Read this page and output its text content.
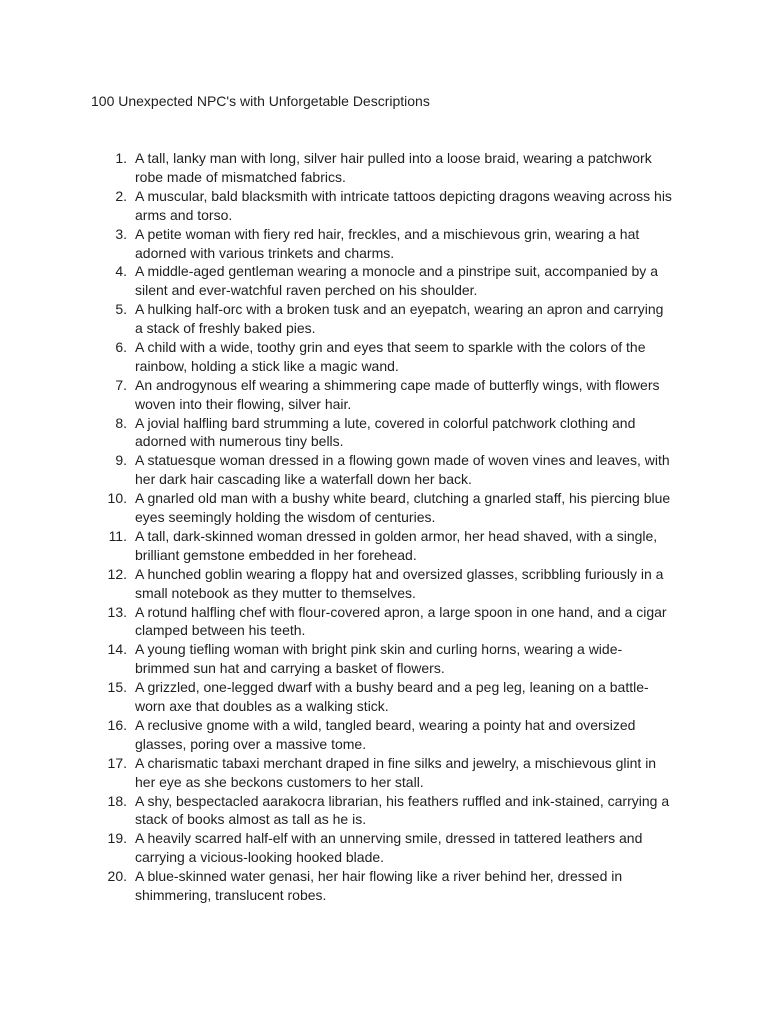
100 Unexpected NPC's with Unforgetable Descriptions
1. A tall, lanky man with long, silver hair pulled into a loose braid, wearing a patchwork robe made of mismatched fabrics.
2. A muscular, bald blacksmith with intricate tattoos depicting dragons weaving across his arms and torso.
3. A petite woman with fiery red hair, freckles, and a mischievous grin, wearing a hat adorned with various trinkets and charms.
4. A middle-aged gentleman wearing a monocle and a pinstripe suit, accompanied by a silent and ever-watchful raven perched on his shoulder.
5. A hulking half-orc with a broken tusk and an eyepatch, wearing an apron and carrying a stack of freshly baked pies.
6. A child with a wide, toothy grin and eyes that seem to sparkle with the colors of the rainbow, holding a stick like a magic wand.
7. An androgynous elf wearing a shimmering cape made of butterfly wings, with flowers woven into their flowing, silver hair.
8. A jovial halfling bard strumming a lute, covered in colorful patchwork clothing and adorned with numerous tiny bells.
9. A statuesque woman dressed in a flowing gown made of woven vines and leaves, with her dark hair cascading like a waterfall down her back.
10. A gnarled old man with a bushy white beard, clutching a gnarled staff, his piercing blue eyes seemingly holding the wisdom of centuries.
11. A tall, dark-skinned woman dressed in golden armor, her head shaved, with a single, brilliant gemstone embedded in her forehead.
12. A hunched goblin wearing a floppy hat and oversized glasses, scribbling furiously in a small notebook as they mutter to themselves.
13. A rotund halfling chef with flour-covered apron, a large spoon in one hand, and a cigar clamped between his teeth.
14. A young tiefling woman with bright pink skin and curling horns, wearing a wide-brimmed sun hat and carrying a basket of flowers.
15. A grizzled, one-legged dwarf with a bushy beard and a peg leg, leaning on a battle-worn axe that doubles as a walking stick.
16. A reclusive gnome with a wild, tangled beard, wearing a pointy hat and oversized glasses, poring over a massive tome.
17. A charismatic tabaxi merchant draped in fine silks and jewelry, a mischievous glint in her eye as she beckons customers to her stall.
18. A shy, bespectacled aarakocra librarian, his feathers ruffled and ink-stained, carrying a stack of books almost as tall as he is.
19. A heavily scarred half-elf with an unnerving smile, dressed in tattered leathers and carrying a vicious-looking hooked blade.
20. A blue-skinned water genasi, her hair flowing like a river behind her, dressed in shimmering, translucent robes.
